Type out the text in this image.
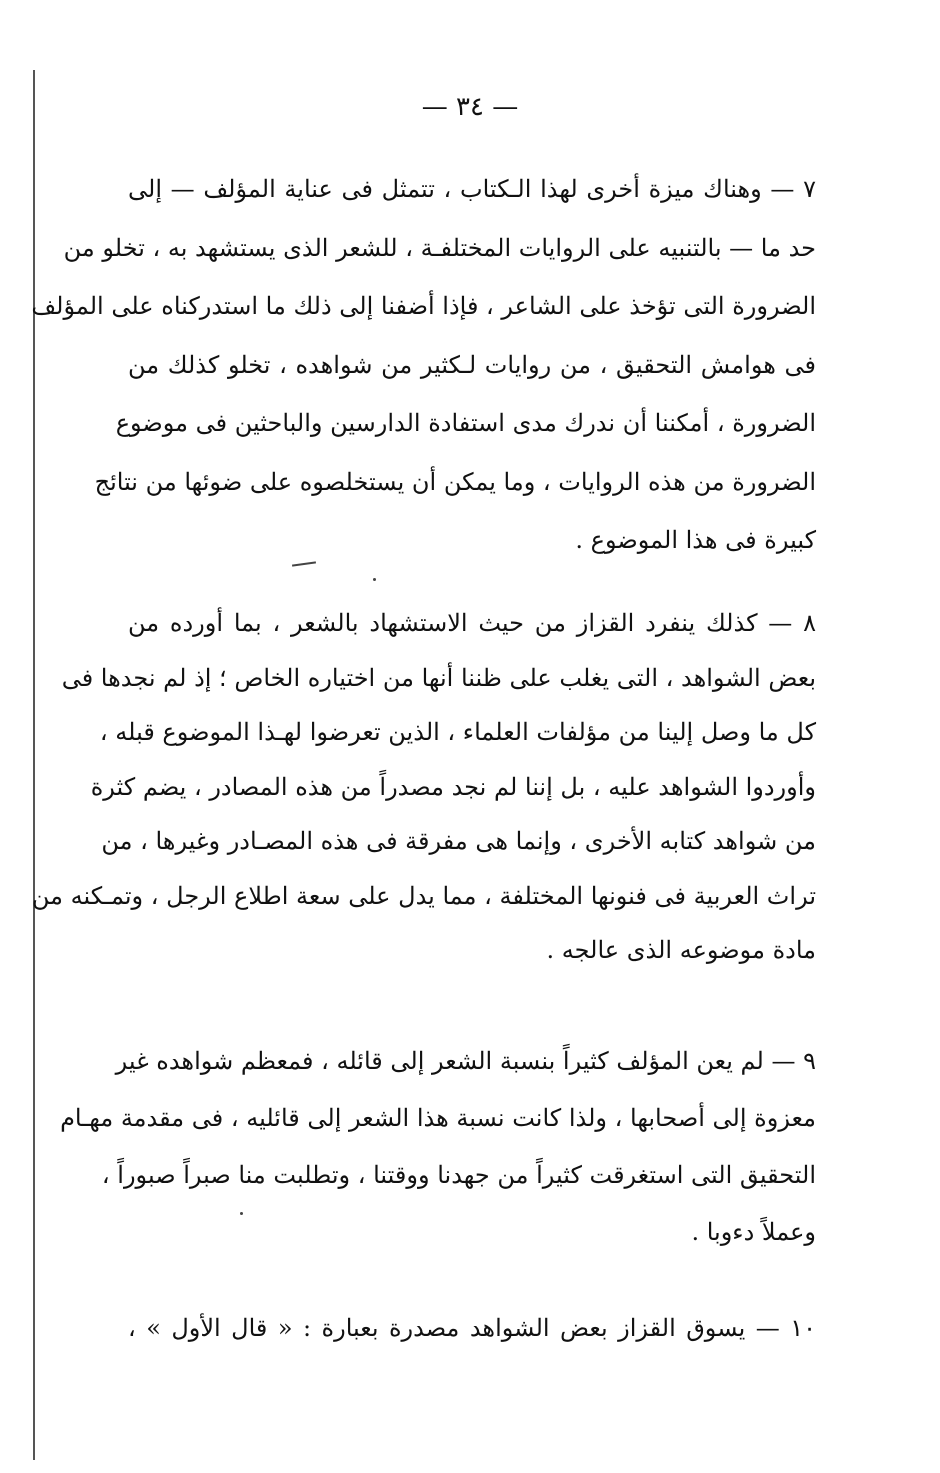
— ٣٤ —
٧ — وهناك ميزة أخرى لهذا الـكتاب ، تتمثل فى عناية المؤلف — إلى
حد ما — بالتنبيه على الروايات المختلفـة ، للشعر الذى يستشهد به ، تخلو من
الضرورة التى تؤخذ على الشاعر ، فإذا أضفنا إلى ذلك ما استدركناه على المؤلف
فى هوامش التحقيق ، من روايات لـكثير من شواهده ، تخلو كذلك من
الضرورة ، أمكننا أن ندرك مدى استفادة الدارسين والباحثين فى موضوع
الضرورة من هذه الروايات ، وما يمكن أن يستخلصوه على ضوئها من نتائج
كبيرة فى هذا الموضوع .
٨ — كذلك ينفرد القزاز من حيث الاستشهاد بالشعر ، بما أورده من
بعض الشواهد ، التى يغلب على ظننا أنها من اختياره الخاص ؛ إذ لم نجدها فى
كل ما وصل إلينا من مؤلفات العلماء ، الذين تعرضوا لهـذا الموضوع قبله ،
وأوردوا الشواهد عليه ، بل إننا لم نجد مصدراً من هذه المصادر ، يضم كثرة
من شواهد كتابه الأخرى ، وإنما هى مفرقة فى هذه المصـادر وغيرها ، من
تراث العربية فى فنونها المختلفة ، مما يدل على سعة اطلاع الرجل ، وتمـكنه من
مادة موضوعه الذى عالجه .
٩ — لم يعن المؤلف كثيراً بنسبة الشعر إلى قائله ، فمعظم شواهده غير
معزوة إلى أصحابها ، ولذا كانت نسبة هذا الشعر إلى قائليه ، فى مقدمة مهـام
التحقيق التى استغرقت كثيراً من جهدنا ووقتنا ، وتطلبت منا صبراً صبوراً ،
وعملاً دءوبا .
١٠ — يسوق القزاز بعض الشواهد مصدرة بعبارة : « قال الأول » ،
